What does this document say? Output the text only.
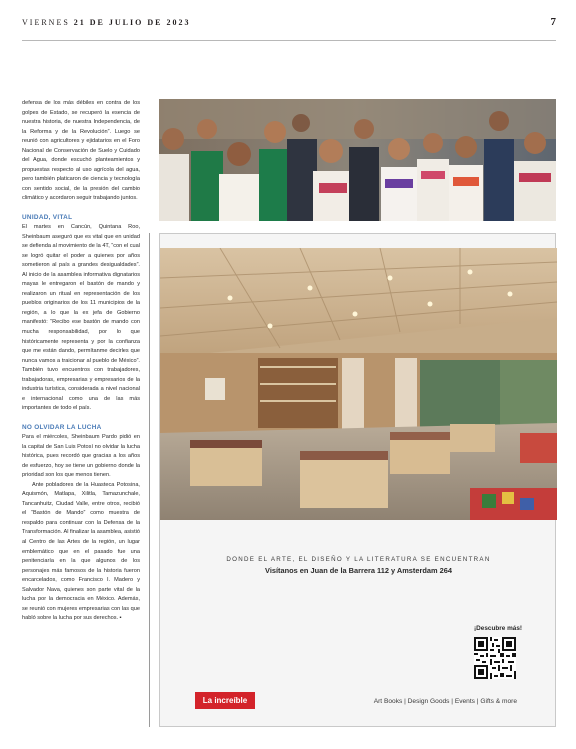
VIERNES 21 DE JULIO DE 2023	7

defensa de los más débiles en contra de los golpes de Estado, se recuperó la esencia de nuestra historia, de nuestra Independencia, de la Reforma y de la Revolución”. Luego se reunió con agricultores y ejidatarios en el Foro Nacional de Conservación de Suelo y Cuidado del Agua, donde escuchó planteamientos y propuestas respecto al uso agrícola del agua, pero también platicaron de ciencia y tecnología con sentido social, de la presión del cambio climático y acordaron seguir trabajando juntos.

UNIDAD, VITAL

El martes en Cancún, Quintana Roo, Sheinbaum aseguró que es vital que en unidad se defienda al movimiento de la 4T, “con el cual se logró quitar el poder a quienes por años sometieron al país a grandes desigualdades”. Al inicio de la asamblea informativa dignatarios mayas le entregaron el bastón de mando y realizaron un ritual en representación de los pueblos originarios de los 11 municipios de la región, a lo que la ex jefa de Gobierno manifestó: “Recibo ese bastón de mando con mucha responsabilidad, por lo que históricamente representa y por la confianza que me están dando, permítanme decirles que nunca vamos a traicionar al pueblo de México”. También tuvo encuentros con trabajadores, trabajadoras, empresarias y empresarios de la industria turística, considerada a nivel nacional e internacional como una de las más importantes de todo el país.

NO OLVIDAR LA LUCHA

Para el miércoles, Sheinbaum Pardo pidió en la capital de San Luis Potosí no olvidar la lucha histórica, pues recordó que gracias a los años de esfuerzo, hoy se tiene un gobierno donde la prioridad son los que menos tienen.

Ante pobladores de la Huasteca Potosina, Aquismón, Matlapa, Xilitla, Tamazunchale, Tancanhuitz, Ciudad Valle, entre otros, recibió el “Bastón de Mando” como muestra de respaldo para continuar con la Defensa de la Transformación. Al finalizar la asamblea, asistió al Centro de las Artes de la región, un lugar emblemático que en el pasado fue una penitenciaría en la que algunos de los personajes más famosos de la historia fueron encarcelados, como Francisco I. Madero y Salvador Nava, quienes son parte vital de la lucha por la democracia en México. Además, se reunió con mujeres empresarias con las que habló sobre la lucha por sus derechos. ▪

DONDE EL ARTE, EL DISEÑO Y LA LITERATURA SE ENCUENTRAN
Visítanos en Juan de la Barrera 112 y Amsterdam 264
¡Descubre más!
La increíble	Art Books | Design Goods | Events | Gifts & more
